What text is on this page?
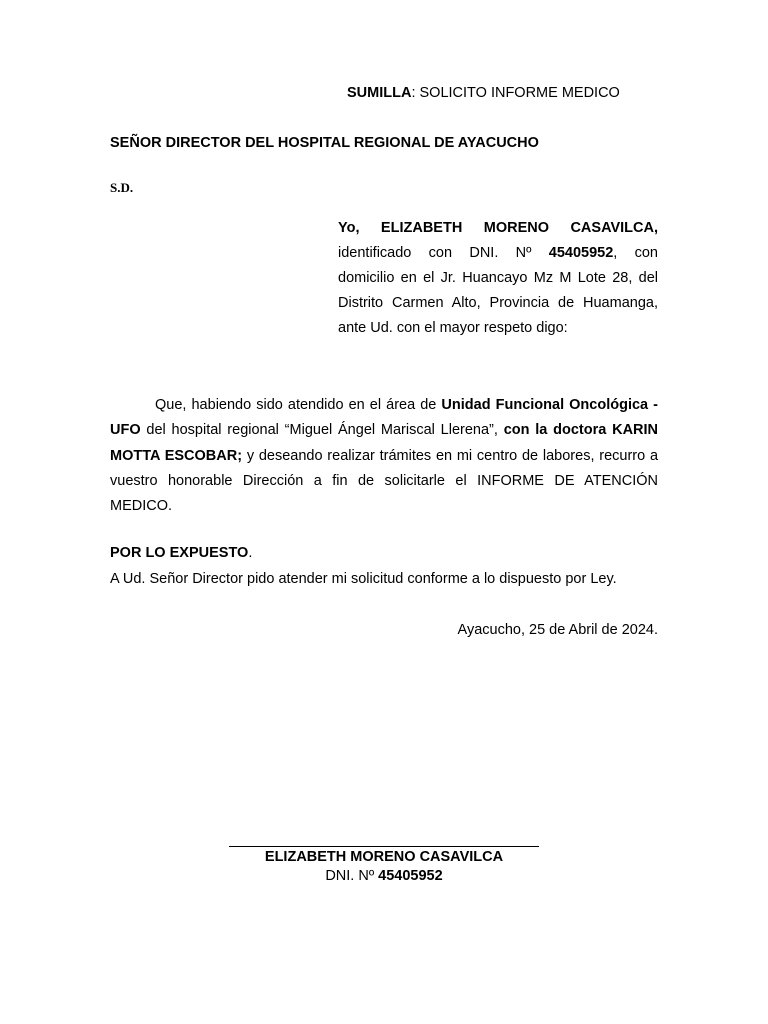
SUMILLA: SOLICITO INFORME MEDICO
SEÑOR DIRECTOR DEL HOSPITAL REGIONAL DE AYACUCHO
S.D.
Yo, ELIZABETH MORENO CASAVILCA,
identificado con DNI. Nº 45405952, con
domicilio en el Jr. Huancayo Mz M Lote 28, del Distrito Carmen Alto, Provincia de Huamanga, ante Ud. con el mayor respeto digo:
Que, habiendo sido atendido en el área de Unidad Funcional Oncológica -UFO del hospital regional “Miguel Ángel Mariscal Llerena”, con la doctora KARIN MOTTA ESCOBAR; y deseando realizar trámites en mi centro de labores, recurro a vuestro honorable Dirección a fin de solicitarle el INFORME DE ATENCIÓN MEDICO.
POR LO EXPUESTO.
A Ud. Señor Director pido atender mi solicitud conforme a lo dispuesto por Ley.
Ayacucho, 25 de Abril de 2024.
ELIZABETH MORENO CASAVILCA
DNI. Nº 45405952
